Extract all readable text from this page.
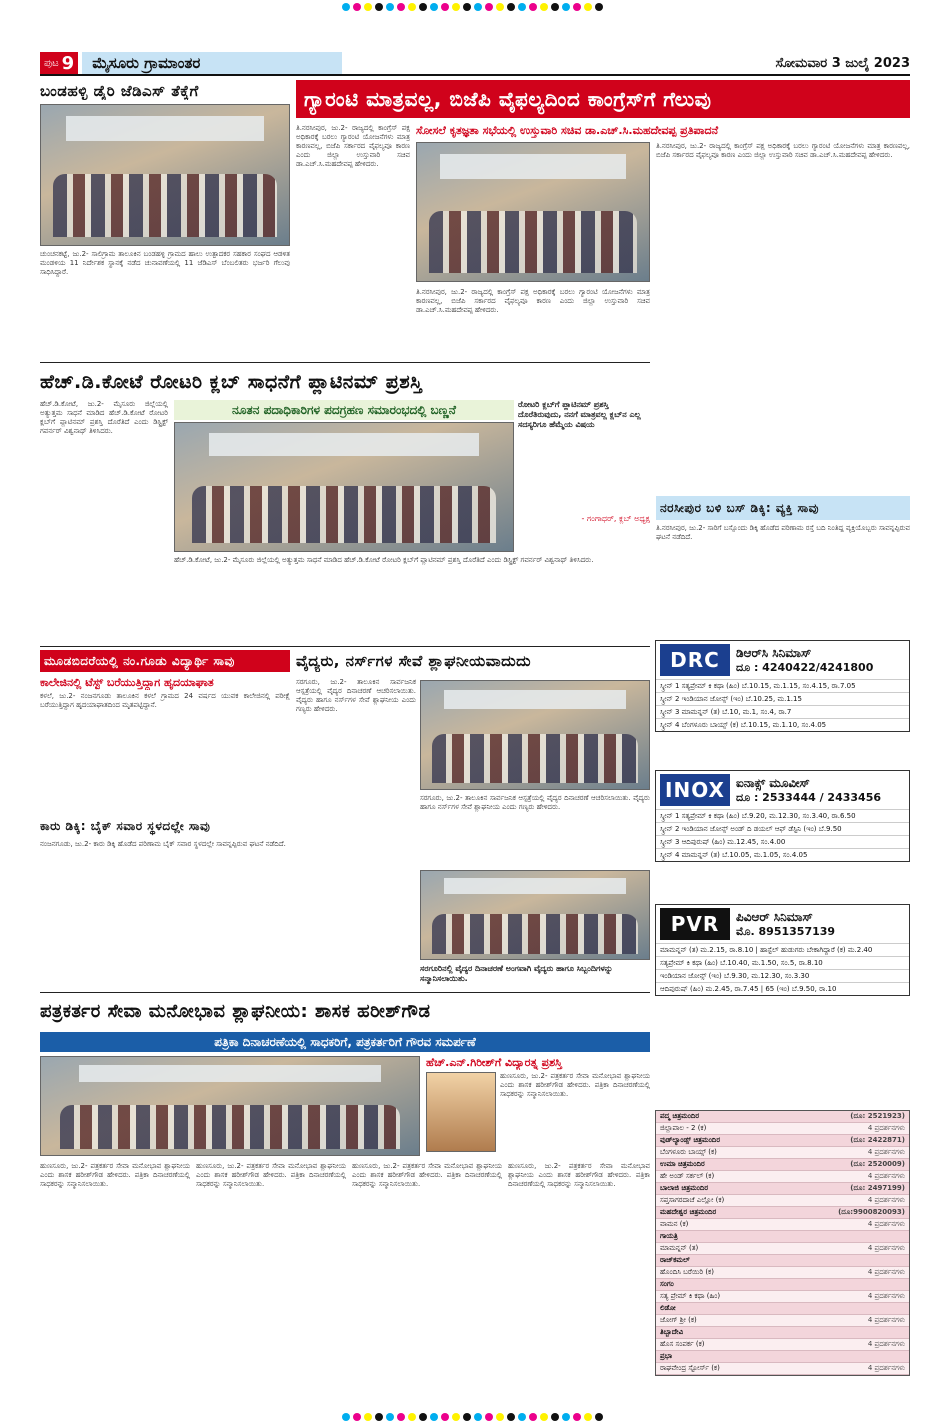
ಪುಟ 9	ಮೈಸೂರು ಗ್ರಾಮಾಂತರ	ಸೋಮವಾರ 3 ಜುಲೈ 2023
ಬಂಡಹಳ್ಳಿ ಡೈರಿ ಜೆಡಿಎಸ್ ತೆಕ್ಕೆಗೆ
ಚುಂಚನಕಟ್ಟೆ, ಜು.2- ಸಾಲಿಗ್ರಾಮ ತಾಲೂಕಿನ ಬಂಡಹಳ್ಳಿ ಗ್ರಾಮದ ಹಾಲು ಉತ್ಪಾದಕರ ಸಹಕಾರ ಸಂಘದ ಆಡಳಿತ ಮಂಡಳಿಯ 11 ನಿರ್ದೇಶಕ ಸ್ಥಾನಕ್ಕೆ ನಡೆದ ಚುನಾವಣೆಯಲ್ಲಿ 11 ಜೆಡಿಎಸ್ ಬೆಂಬಲಿತರು ಭರ್ಜರಿ ಗೆಲುವು ಸಾಧಿಸಿದ್ದಾರೆ.
ಗ್ಯಾರಂಟಿ ಮಾತ್ರವಲ್ಲ, ಬಿಜೆಪಿ ವೈಫಲ್ಯದಿಂದ ಕಾಂಗ್ರೆಸ್‌ಗೆ ಗೆಲುವು
ತಿ.ನರಸೀಪುರ, ಜು.2- ರಾಜ್ಯದಲ್ಲಿ ಕಾಂಗ್ರೆಸ್ ಪಕ್ಷ ಅಧಿಕಾರಕ್ಕೆ ಬರಲು ಗ್ಯಾರಂಟಿ ಯೋಜನೆಗಳು ಮಾತ್ರ ಕಾರಣವಲ್ಲ, ಬಿಜೆಪಿ ಸರ್ಕಾರದ ವೈಫಲ್ಯವೂ ಕಾರಣ ಎಂದು ಜಿಲ್ಲಾ ಉಸ್ತುವಾರಿ ಸಚಿವ ಡಾ.ಎಚ್.ಸಿ.ಮಹದೇವಪ್ಪ ಹೇಳಿದರು.
ಸೋಸಲೆ ಕೃತಜ್ಞತಾ ಸಭೆಯಲ್ಲಿ ಉಸ್ತುವಾರಿ ಸಚಿವ ಡಾ.ಎಚ್.ಸಿ.ಮಹದೇವಪ್ಪ ಪ್ರತಿಪಾದನೆ
ತಿ.ನರಸೀಪುರ, ಜು.2- ರಾಜ್ಯದಲ್ಲಿ ಕಾಂಗ್ರೆಸ್ ಪಕ್ಷ ಅಧಿಕಾರಕ್ಕೆ ಬರಲು ಗ್ಯಾರಂಟಿ ಯೋಜನೆಗಳು ಮಾತ್ರ ಕಾರಣವಲ್ಲ, ಬಿಜೆಪಿ ಸರ್ಕಾರದ ವೈಫಲ್ಯವೂ ಕಾರಣ ಎಂದು ಜಿಲ್ಲಾ ಉಸ್ತುವಾರಿ ಸಚಿವ ಡಾ.ಎಚ್.ಸಿ.ಮಹದೇವಪ್ಪ ಹೇಳಿದರು.
ತಿ.ನರಸೀಪುರ, ಜು.2- ರಾಜ್ಯದಲ್ಲಿ ಕಾಂಗ್ರೆಸ್ ಪಕ್ಷ ಅಧಿಕಾರಕ್ಕೆ ಬರಲು ಗ್ಯಾರಂಟಿ ಯೋಜನೆಗಳು ಮಾತ್ರ ಕಾರಣವಲ್ಲ, ಬಿಜೆಪಿ ಸರ್ಕಾರದ ವೈಫಲ್ಯವೂ ಕಾರಣ ಎಂದು ಜಿಲ್ಲಾ ಉಸ್ತುವಾರಿ ಸಚಿವ ಡಾ.ಎಚ್.ಸಿ.ಮಹದೇವಪ್ಪ ಹೇಳಿದರು.
ಹೆಚ್.ಡಿ.ಕೋಟೆ ರೋಟರಿ ಕ್ಲಬ್ ಸಾಧನೆಗೆ ಪ್ಲಾಟಿನಮ್ ಪ್ರಶಸ್ತಿ
ಹೆಚ್.ಡಿ.ಕೋಟೆ, ಜು.2- ಮೈಸೂರು ಜಿಲ್ಲೆಯಲ್ಲಿ ಅತ್ಯುತ್ತಮ ಸಾಧನೆ ಮಾಡಿದ ಹೆಚ್.ಡಿ.ಕೋಟೆ ರೋಟರಿ ಕ್ಲಬ್‌ಗೆ ಪ್ಲಾಟಿನಮ್ ಪ್ರಶಸ್ತಿ ದೊರೆತಿದೆ ಎಂದು ಡಿಸ್ಟ್ರಿಕ್ಟ್ ಗವರ್ನರ್ ವಿಶ್ವನಾಥ್ ತಿಳಿಸಿದರು.
ನೂತನ ಪದಾಧಿಕಾರಿಗಳ ಪದಗ್ರಹಣ ಸಮಾರಂಭದಲ್ಲಿ ಬಣ್ಣನೆ	ರೋಟರಿ ಕ್ಲಬ್‌ಗೆ ಪ್ಲಾಟಿನಮ್ ಪ್ರಶಸ್ತಿ ದೊರೆತಿರುವುದು, ನನಗೆ ಮಾತ್ರವಲ್ಲ ಕ್ಲಬ್‌ನ ಎಲ್ಲ ಸದಸ್ಯರಿಗೂ ಹೆಮ್ಮೆಯ ವಿಷಯ
- ಗಂಗಾಧರ್, ಕ್ಲಬ್ ಅಧ್ಯಕ್ಷ
ಹೆಚ್.ಡಿ.ಕೋಟೆ, ಜು.2- ಮೈಸೂರು ಜಿಲ್ಲೆಯಲ್ಲಿ ಅತ್ಯುತ್ತಮ ಸಾಧನೆ ಮಾಡಿದ ಹೆಚ್.ಡಿ.ಕೋಟೆ ರೋಟರಿ ಕ್ಲಬ್‌ಗೆ ಪ್ಲಾಟಿನಮ್ ಪ್ರಶಸ್ತಿ ದೊರೆತಿದೆ ಎಂದು ಡಿಸ್ಟ್ರಿಕ್ಟ್ ಗವರ್ನರ್ ವಿಶ್ವನಾಥ್ ತಿಳಿಸಿದರು.
ನರಸೀಪುರ ಬಳಿ ಬಸ್ ಡಿಕ್ಕಿ: ವ್ಯಕ್ತಿ ಸಾವು
ತಿ.ನರಸೀಪುರ, ಜು.2- ಸಾರಿಗೆ ಬಸ್ಸೊಂದು ಡಿಕ್ಕಿ ಹೊಡೆದ ಪರಿಣಾಮ ರಸ್ತೆ ಬದಿ ನಿಂತಿದ್ದ ವ್ಯಕ್ತಿಯೊಬ್ಬರು ಸಾವನ್ನಪ್ಪಿರುವ ಘಟನೆ ನಡೆದಿದೆ.
ಮೂಡಬಿದರೆಯಲ್ಲಿ ನಂ.ಗೂಡು ವಿದ್ಯಾರ್ಥಿ ಸಾವು
ಕಾಲೇಜಿನಲ್ಲಿ ಟೆಸ್ಟ್ ಬರೆಯುತ್ತಿದ್ದಾಗ ಹೃದಯಾಘಾತ
ಕಳಲೆ, ಜು.2- ನಂಜನಗೂಡು ತಾಲೂಕಿನ ಕಳಲೆ ಗ್ರಾಮದ 24 ವರ್ಷದ ಯುವಕ ಕಾಲೇಜಿನಲ್ಲಿ ಪರೀಕ್ಷೆ ಬರೆಯುತ್ತಿದ್ದಾಗ ಹೃದಯಾಘಾತದಿಂದ ಮೃತಪಟ್ಟಿದ್ದಾನೆ.
ಕಾರು ಡಿಕ್ಕಿ: ಬೈಕ್ ಸವಾರ ಸ್ಥಳದಲ್ಲೇ ಸಾವು
ನಂಜನಗೂಡು, ಜು.2- ಕಾರು ಡಿಕ್ಕಿ ಹೊಡೆದ ಪರಿಣಾಮ ಬೈಕ್ ಸವಾರ ಸ್ಥಳದಲ್ಲೇ ಸಾವನ್ನಪ್ಪಿರುವ ಘಟನೆ ನಡೆದಿದೆ.
ವೈದ್ಯರು, ನರ್ಸ್‌ಗಳ ಸೇವೆ ಶ್ಲಾಘನೀಯವಾದುದು
ಸರಗೂರು, ಜು.2- ತಾಲೂಕಿನ ಸಾರ್ವಜನಿಕ ಆಸ್ಪತ್ರೆಯಲ್ಲಿ ವೈದ್ಯರ ದಿನಾಚರಣೆ ಆಚರಿಸಲಾಯಿತು. ವೈದ್ಯರು ಹಾಗೂ ನರ್ಸ್‌ಗಳ ಸೇವೆ ಶ್ಲಾಘನೀಯ ಎಂದು ಗಣ್ಯರು ಹೇಳಿದರು.
ಸರಗೂರು, ಜು.2- ತಾಲೂಕಿನ ಸಾರ್ವಜನಿಕ ಆಸ್ಪತ್ರೆಯಲ್ಲಿ ವೈದ್ಯರ ದಿನಾಚರಣೆ ಆಚರಿಸಲಾಯಿತು. ವೈದ್ಯರು ಹಾಗೂ ನರ್ಸ್‌ಗಳ ಸೇವೆ ಶ್ಲಾಘನೀಯ ಎಂದು ಗಣ್ಯರು ಹೇಳಿದರು.
ಸರಗೂರಿನಲ್ಲಿ ವೈದ್ಯರ ದಿನಾಚರಣೆ ಅಂಗವಾಗಿ ವೈದ್ಯರು ಹಾಗೂ ಸಿಬ್ಬಂದಿಗಳನ್ನು ಸನ್ಮಾನಿಸಲಾಯಿತು.
ಪತ್ರಕರ್ತರ ಸೇವಾ ಮನೋಭಾವ ಶ್ಲಾಘನೀಯ: ಶಾಸಕ ಹರೀಶ್‌ಗೌಡ
ಪತ್ರಿಕಾ ದಿನಾಚರಣೆಯಲ್ಲಿ ಸಾಧಕರಿಗೆ, ಪತ್ರಕರ್ತರಿಗೆ ಗೌರವ ಸಮರ್ಪಣೆ
ಹೆಚ್.ಎನ್.ಗಿರೀಶ್‌ಗೆ ವಿದ್ಯಾರತ್ನ ಪ್ರಶಸ್ತಿ
ಹುಣಸೂರು, ಜು.2- ಪತ್ರಕರ್ತರ ಸೇವಾ ಮನೋಭಾವ ಶ್ಲಾಘನೀಯ ಎಂದು ಶಾಸಕ ಹರೀಶ್‌ಗೌಡ ಹೇಳಿದರು. ಪತ್ರಿಕಾ ದಿನಾಚರಣೆಯಲ್ಲಿ ಸಾಧಕರನ್ನು ಸನ್ಮಾನಿಸಲಾಯಿತು.
ಹುಣಸೂರು, ಜು.2- ಪತ್ರಕರ್ತರ ಸೇವಾ ಮನೋಭಾವ ಶ್ಲಾಘನೀಯ ಎಂದು ಶಾಸಕ ಹರೀಶ್‌ಗೌಡ ಹೇಳಿದರು. ಪತ್ರಿಕಾ ದಿನಾಚರಣೆಯಲ್ಲಿ ಸಾಧಕರನ್ನು ಸನ್ಮಾನಿಸಲಾಯಿತು.
ಹುಣಸೂರು, ಜು.2- ಪತ್ರಕರ್ತರ ಸೇವಾ ಮನೋಭಾವ ಶ್ಲಾಘನೀಯ ಎಂದು ಶಾಸಕ ಹರೀಶ್‌ಗೌಡ ಹೇಳಿದರು. ಪತ್ರಿಕಾ ದಿನಾಚರಣೆಯಲ್ಲಿ ಸಾಧಕರನ್ನು ಸನ್ಮಾನಿಸಲಾಯಿತು.
ಹುಣಸೂರು, ಜು.2- ಪತ್ರಕರ್ತರ ಸೇವಾ ಮನೋಭಾವ ಶ್ಲಾಘನೀಯ ಎಂದು ಶಾಸಕ ಹರೀಶ್‌ಗೌಡ ಹೇಳಿದರು. ಪತ್ರಿಕಾ ದಿನಾಚರಣೆಯಲ್ಲಿ ಸಾಧಕರನ್ನು ಸನ್ಮಾನಿಸಲಾಯಿತು.
ಹುಣಸೂರು, ಜು.2- ಪತ್ರಕರ್ತರ ಸೇವಾ ಮನೋಭಾವ ಶ್ಲಾಘನೀಯ ಎಂದು ಶಾಸಕ ಹರೀಶ್‌ಗೌಡ ಹೇಳಿದರು. ಪತ್ರಿಕಾ ದಿನಾಚರಣೆಯಲ್ಲಿ ಸಾಧಕರನ್ನು ಸನ್ಮಾನಿಸಲಾಯಿತು.
DRC	ಡಿಆರ್‌ಸಿ ಸಿನಿಮಾಸ್
ದೂ : 4240422/4241800
ಸ್ಕ್ರೀನ್ 1 ಸತ್ಯಪ್ರೇಮ್ ಕಿ ಕಥಾ (ಹಿಂ) ಬೆ.10.15, ಮ.1.15, ಸಂ.4.15, ರಾ.7.05
ಸ್ಕ್ರೀನ್ 2 ಇಂಡಿಯಾನ ಜೋನ್ಸ್ (ಇಂ) ಬೆ.10.25, ಮ.1.15
ಸ್ಕ್ರೀನ್ 3 ಮಾಮನ್ನನ್ (ತ) ಬೆ.10, ಮ.1, ಸಂ.4, ರಾ.7
ಸ್ಕ್ರೀನ್ 4 ಬೆಂಗಳೂರು ಬಾಯ್ಸ್ (ಕ) ಬೆ.10.15, ಮ.1.10, ಸಂ.4.05
INOX ಐನಾಕ್ಸ್ ಮೂವೀಸ್
ದೂ : 2533444 / 2433456
ಸ್ಕ್ರೀನ್ 1 ಸತ್ಯಪ್ರೇಮ್ ಕಿ ಕಥಾ (ಹಿಂ) ಬೆ.9.20, ಮ.12.30, ಸಂ.3.40, ರಾ.6.50
ಸ್ಕ್ರೀನ್ 2 ಇಂಡಿಯಾನ ಜೋನ್ಸ್ ಅಂಡ್ ದಿ ಡಯಲ್ ಆಫ್ ಡೆಸ್ಟಿನಿ (ಇಂ) ಬೆ.9.50
ಸ್ಕ್ರೀನ್ 3 ಆದಿಪುರುಷ್ (ಹಿಂ) ಮ.12.45, ಸಂ.4.00
ಸ್ಕ್ರೀನ್ 4 ಮಾಮನ್ನನ್ (ತ) ಬೆ.10.05, ಮ.1.05, ಸಂ.4.05
PVR	ಪಿವಿಆರ್ ಸಿನಿಮಾಸ್
ಮೊ. 8951357139
ಮಾಮನ್ನನ್ (ತ) ಮ.2.15, ರಾ.8.10 | ಹಾಸ್ಟೆಲ್ ಹುಡುಗರು ಬೇಕಾಗಿದ್ದಾರೆ (ಕ) ಮ.2.40
ಸತ್ಯಪ್ರೇಮ್ ಕಿ ಕಥಾ (ಹಿಂ) ಬೆ.10.40, ಮ.1.50, ಸಂ.5, ರಾ.8.10
ಇಂಡಿಯಾನ ಜೋನ್ಸ್ (ಇಂ) ಬೆ.9.30, ಮ.12.30, ಸಂ.3.30
ಆದಿಪುರುಷ್ (ಹಿಂ) ಮ.2.45, ರಾ.7.45 | 65 (ಇಂ) ಬೆ.9.50, ರಾ.10
ಪದ್ಮ ಚಿತ್ರಮಂದಿರ	(ದೂ: 2521923)
ಜಿಲ್ಲಾಪಾಲ - 2 (ಕ)	4 ಪ್ರದರ್ಶನಗಳು
ವುಡ್‌ಲ್ಯಾಂಡ್ಸ್ ಚಿತ್ರಮಂದಿರ	(ದೂ: 2422871)
ಬೆಂಗಳೂರು ಬಾಯ್ಸ್ (ಕ)	4 ಪ್ರದರ್ಶನಗಳು
ಉಮಾ ಚಿತ್ರಮಂದಿರ	(ದೂ: 2520009)
ಹೇ ಅಂಡ್ ಸರ್ಕಲ್ (ಕ)	4 ಪ್ರದರ್ಶನಗಳು
ಬಾಲಾಜಿ ಚಿತ್ರಮಂದಿರ	(ದೂ: 2497199)
ಸಪ್ತಸಾಗರದಾಚೆ ಎಲ್ಲೋ (ಕ)	4 ಪ್ರದರ್ಶನಗಳು
ಮಹದೇಶ್ವರ ಚಿತ್ರಮಂದಿರ	(ದೂ:9900820093)
ವಾಮನ (ಕ)	4 ಪ್ರದರ್ಶನಗಳು
ಗಾಯತ್ರಿ
ಮಾಮನ್ನನ್ (ತ)	4 ಪ್ರದರ್ಶನಗಳು
ರಾಜ್‌ಕಮಲ್
ಹೊಂದಿಸಿ ಬರೆಯಿರಿ (ಕ)	4 ಪ್ರದರ್ಶನಗಳು
ಸಂಗಂ
ಸತ್ಯ ಪ್ರೇಮ್ ಕಿ ಕಥಾ (ಹಿಂ)	4 ಪ್ರದರ್ಶನಗಳು
ಲಿಡೋ
ಜೋಗ್ ಶ್ರೀ (ಕ)	4 ಪ್ರದರ್ಶನಗಳು
ತಿಬ್ಬಾದೇವಿ
ಹೊಸ ಸಂಪರ್ಕ (ಕ)	4 ಪ್ರದರ್ಶನಗಳು
ಪ್ರಭಾ
ರಾಘವೇಂದ್ರ ಸ್ಟೋರ್ಸ್ (ಕ)	4 ಪ್ರದರ್ಶನಗಳು
